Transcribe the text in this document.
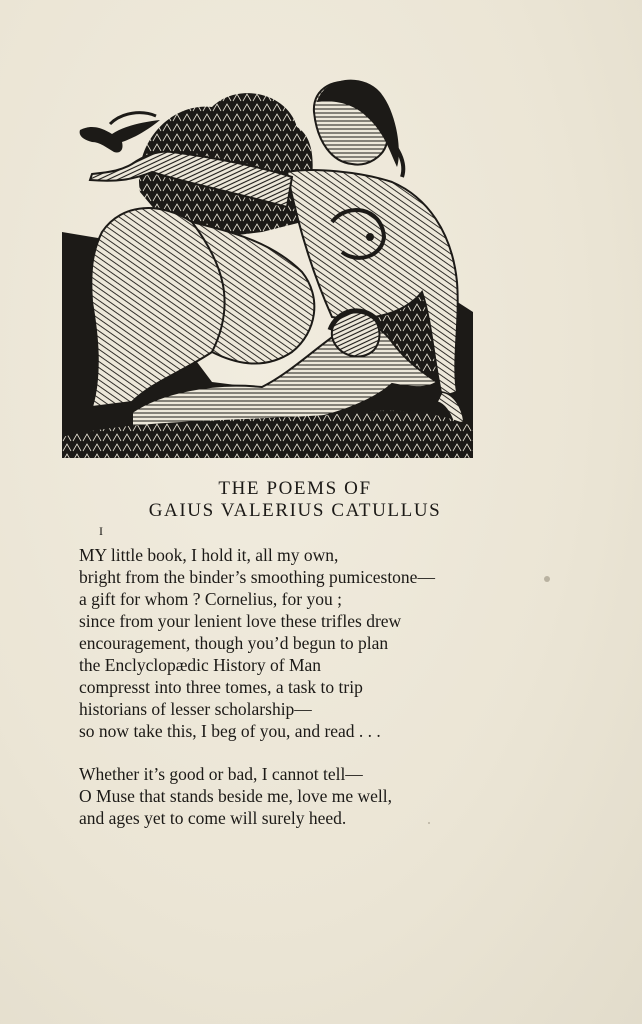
THE POEMS OF
GAIUS VALERIUS CATULLUS
I
MY little book, I hold it, all my own,
bright from the binder’s smoothing pumicestone—
a gift for whom ? Cornelius, for you ;
since from your lenient love these trifles drew
encouragement, though you’d begun to plan
the Enclyclopædic History of Man
compresst into three tomes, a task to trip
historians of lesser scholarship—
so now take this, I beg of you, and read . . .
Whether it’s good or bad, I cannot tell—
O Muse that stands beside me, love me well,
and ages yet to come will surely heed.
